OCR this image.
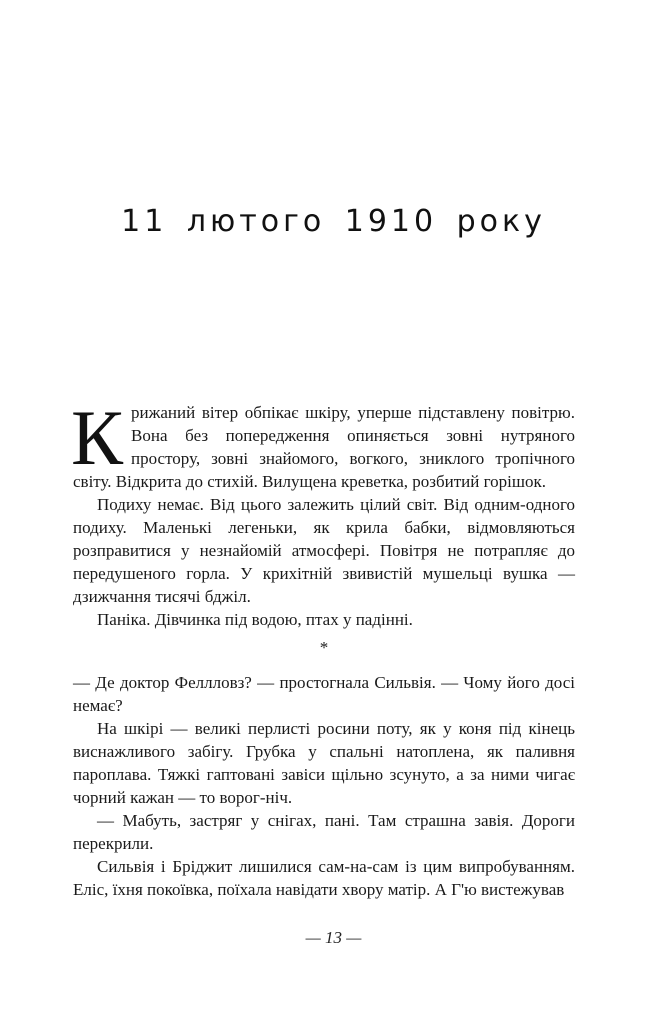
11 лютого 1910 року

Крижаний вітер обпікає шкіру, уперше підставлену повітрю. Вона без попередження опиняється зовні нутряного простору, зовні знайомого, вогкого, зниклого тропічного світу. Відкрита до стихій. Вилущена креветка, розбитий горішок.

Подиху немає. Від цього залежить цілий світ. Від одним-одного подиху. Маленькі легеньки, як крила бабки, відмовляються розправитися у незнайомій атмосфері. Повітря не потрапляє до передушеного горла. У крихітній звивистій мушельці вушка — дзижчання тисячі бджіл.

Паніка. Дівчинка під водою, птах у падінні.

*

— Де доктор Феллловз? — простогнала Сильвія. — Чому його досі немає?

На шкірі — великі перлисті росини поту, як у коня під кінець виснажливого забігу. Грубка у спальні натоплена, як паливня пароплава. Тяжкі гаптовані завіси щільно зсунуто, а за ними чигає чорний кажан — то ворог-ніч.

— Мабуть, застряг у снігах, пані. Там страшна завія. Дороги перекрили.

Сильвія і Бріджит лишилися сам-на-сам із цим випробуванням. Еліс, їхня покоївка, поїхала навідати хвору матір. А Г'ю вистежував

— 13 —
